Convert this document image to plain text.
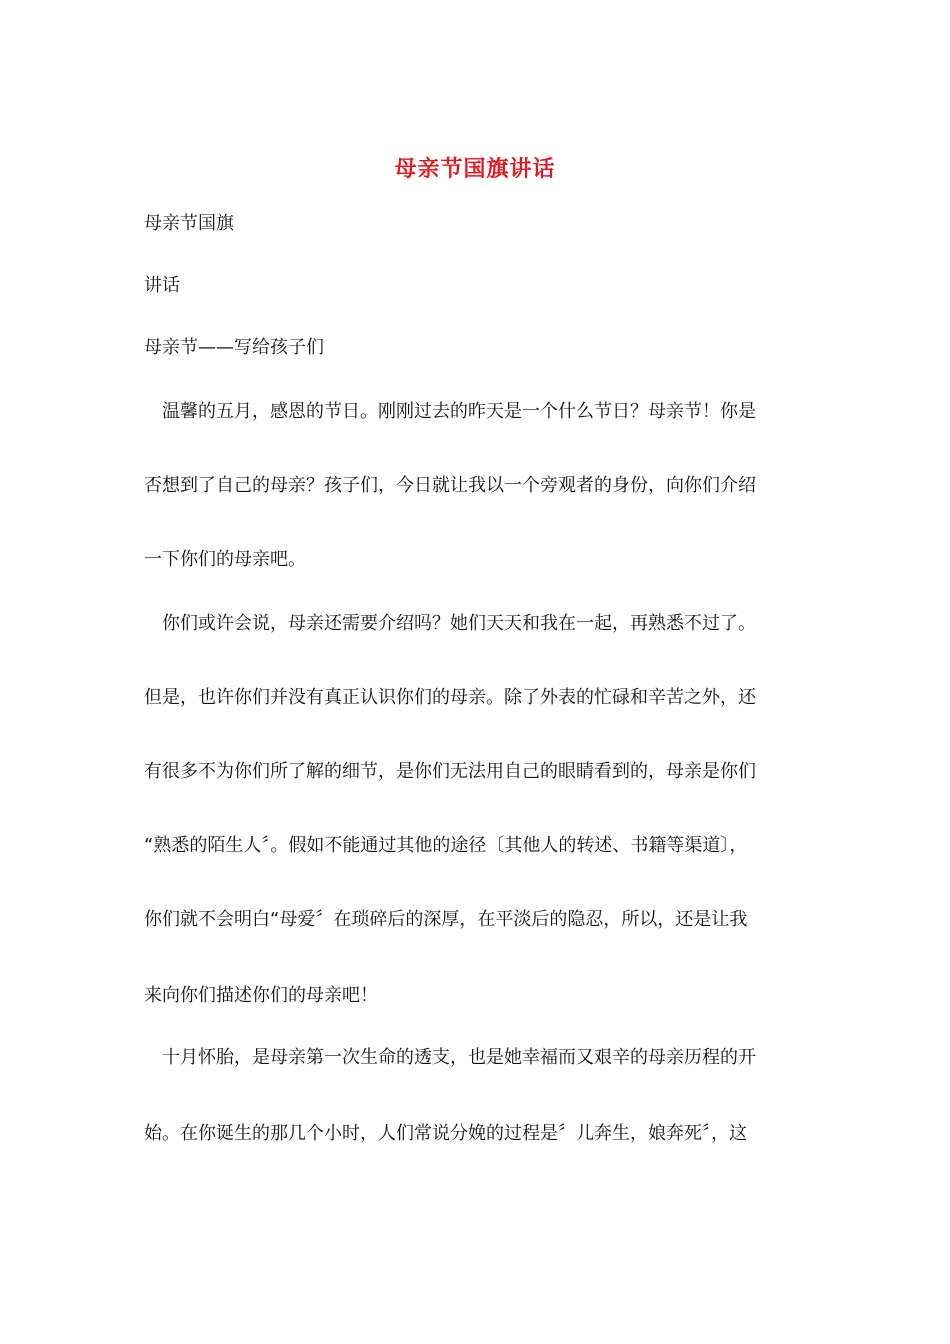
母亲节国旗讲话
母亲节国旗
讲话
母亲节——写给孩子们
　温馨的五月，感恩的节日。刚刚过去的昨天是一个什么节日？母亲节！你是
否想到了自己的母亲？孩子们，今日就让我以一个旁观者的身份，向你们介绍
一下你们的母亲吧。
　你们或许会说，母亲还需要介绍吗？她们天天和我在一起，再熟悉不过了。
但是，也许你们并没有真正认识你们的母亲。除了外表的忙碌和辛苦之外，还
有很多不为你们所了解的细节，是你们无法用自己的眼睛看到的，母亲是你们
“熟悉的陌生人〞。假如不能通过其他的途径〔其他人的转述、书籍等渠道〕，
你们就不会明白“母爱〞在琐碎后的深厚，在平淡后的隐忍，所以，还是让我
来向你们描述你们的母亲吧！
　十月怀胎，是母亲第一次生命的透支，也是她幸福而又艰辛的母亲历程的开
始。在你诞生的那几个小时，人们常说分娩的过程是〞儿奔生，娘奔死〞，这
